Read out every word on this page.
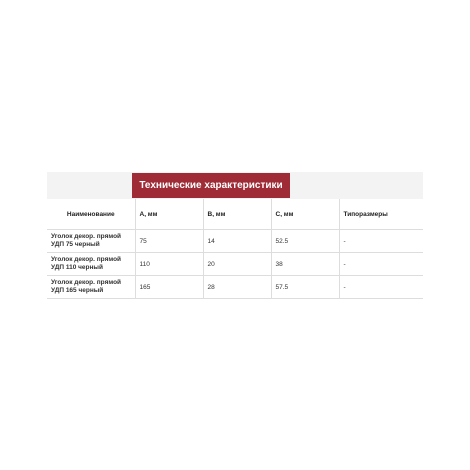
Технические характеристики
Наименование	A, мм	B, мм	C, мм	Типоразмеры
Уголок декор. прямой УДП 75 черный	75	14	52.5	-
Уголок декор. прямой УДП 110 черный	110	20	38	-
Уголок декор. прямой УДП 165 черный	165	28	57.5	-
